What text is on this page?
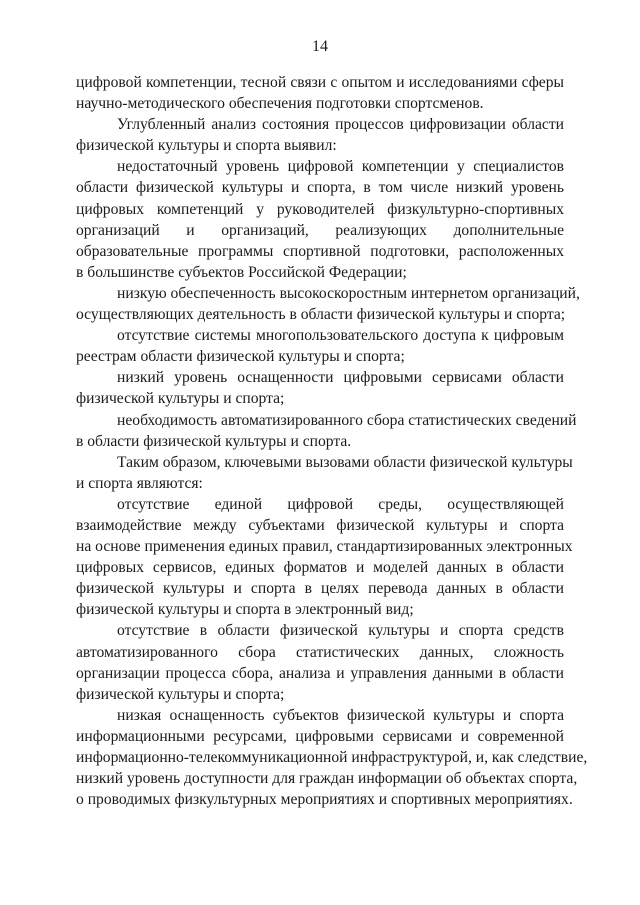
14

цифровой компетенции, тесной связи с опытом и исследованиями сферы
научно-методического обеспечения подготовки спортсменов.

Углубленный анализ состояния процессов цифровизации области
физической культуры и спорта выявил:

недостаточный уровень цифровой компетенции у специалистов
области физической культуры и спорта, в том числе низкий уровень
цифровых компетенций у руководителей физкультурно-спортивных
организаций и организаций, реализующих дополнительные
образовательные программы спортивной подготовки, расположенных
в большинстве субъектов Российской Федерации;

низкую обеспеченность высокоскоростным интернетом организаций,
осуществляющих деятельность в области физической культуры и спорта;

отсутствие системы многопользовательского доступа к цифровым
реестрам области физической культуры и спорта;

низкий уровень оснащенности цифровыми сервисами области
физической культуры и спорта;

необходимость автоматизированного сбора статистических сведений
в области физической культуры и спорта.

Таким образом, ключевыми вызовами области физической культуры
и спорта являются:

отсутствие единой цифровой среды, осуществляющей
взаимодействие между субъектами физической культуры и спорта
на основе применения единых правил, стандартизированных электронных
цифровых сервисов, единых форматов и моделей данных в области
физической культуры и спорта в целях перевода данных в области
физической культуры и спорта в электронный вид;

отсутствие в области физической культуры и спорта средств
автоматизированного сбора статистических данных, сложность
организации процесса сбора, анализа и управления данными в области
физической культуры и спорта;

низкая оснащенность субъектов физической культуры и спорта
информационными ресурсами, цифровыми сервисами и современной
информационно-телекоммуникационной инфраструктурой, и, как следствие,
низкий уровень доступности для граждан информации об объектах спорта,
о проводимых физкультурных мероприятиях и спортивных мероприятиях.
